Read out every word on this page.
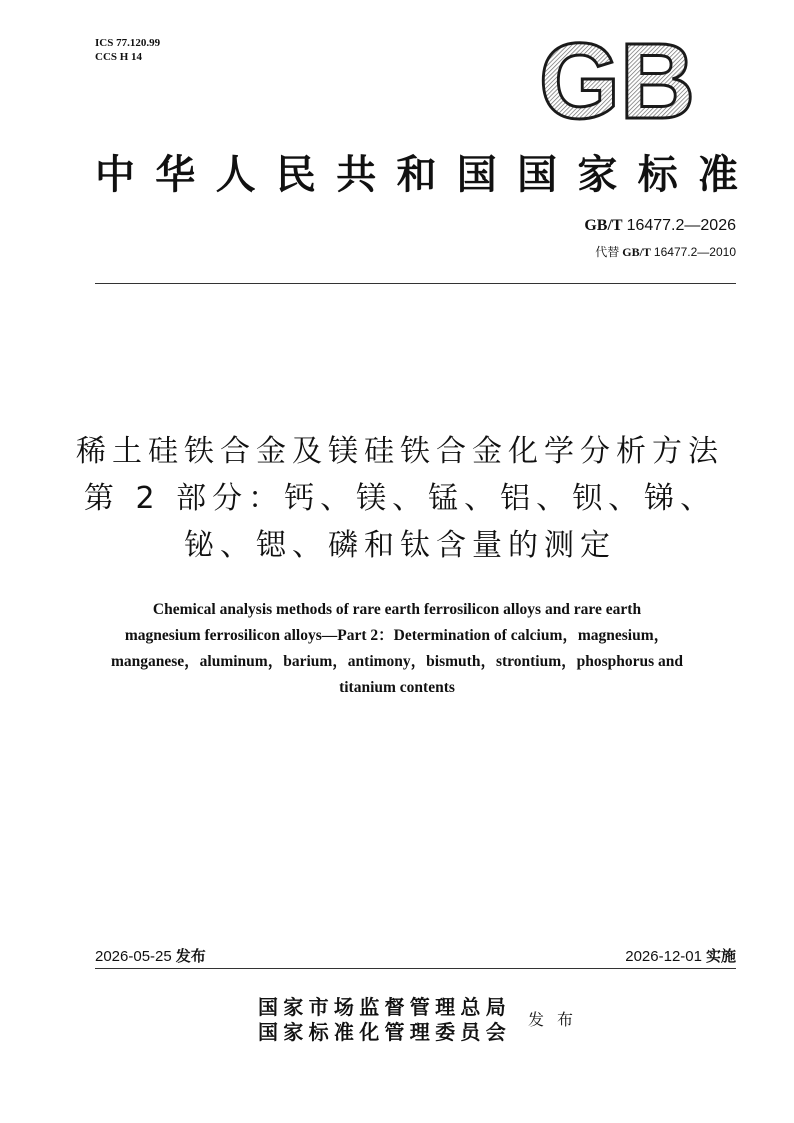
ICS 77.120.99
CCS H 14	GB
中华人民共和国国家标准
GB/T 16477.2—2026
代替 GB/T 16477.2—2010
稀土硅铁合金及镁硅铁合金化学分析方法
第 2 部分：钙、镁、锰、铝、钡、锑、
铋、锶、磷和钛含量的测定
Chemical analysis methods of rare earth ferrosilicon alloys and rare earth
magnesium ferrosilicon alloys—Part 2：Determination of calcium，magnesium，
manganese，aluminum，barium，antimony，bismuth，strontium，phosphorus and
titanium contents
2026-05-25 发布	2026-12-01 实施
国家市场监督管理总局
国家标准化管理委员会
发布
